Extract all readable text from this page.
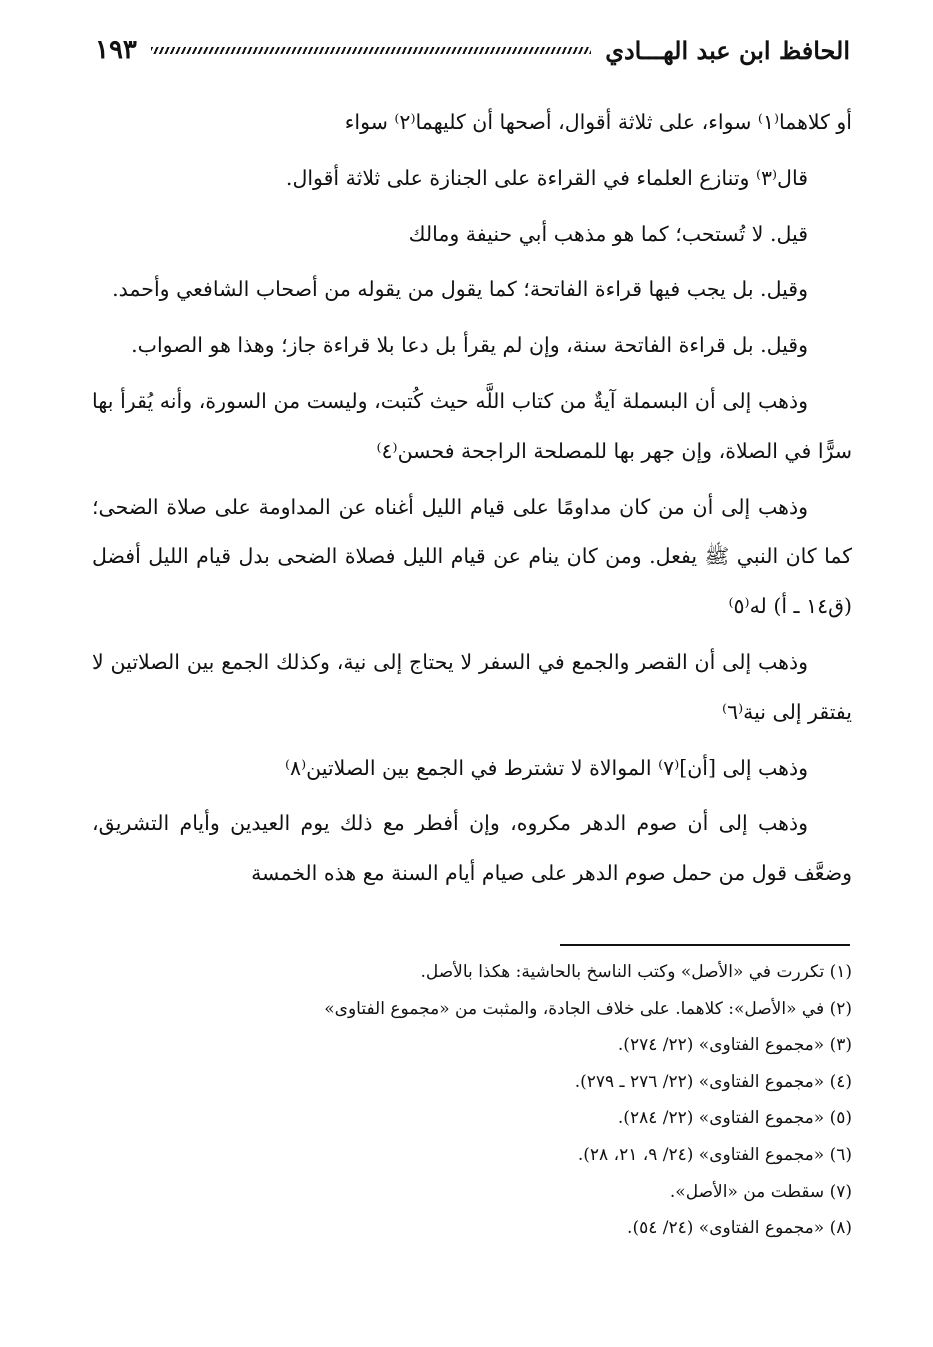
١٩٣	الحافظ ابن عبد الهـــادي

أو كلاهما⁽١⁾ سواء، على ثلاثة أقوال، أصحها أن كليهما⁽٢⁾ سواء

قال⁽٣⁾ وتنازع العلماء في القراءة على الجنازة على ثلاثة أقوال.

قيل. لا تُستحب؛ كما هو مذهب أبي حنيفة ومالك

وقيل. بل يجب فيها قراءة الفاتحة؛ كما يقول من يقوله من أصحاب الشافعي وأحمد.

وقيل. بل قراءة الفاتحة سنة، وإن لم يقرأ بل دعا بلا قراءة جاز؛ وهذا هو الصواب.

وذهب إلى أن البسملة آيةٌ من كتاب اللَّه حيث كُتبت، وليست من السورة، وأنه يُقرأ بها سرًّا في الصلاة، وإن جهر بها للمصلحة الراجحة فحسن⁽٤⁾

وذهب إلى أن من كان مداومًا على قيام الليل أغناه عن المداومة على صلاة الضحى؛ كما كان النبي ﷺ يفعل. ومن كان ينام عن قيام الليل فصلاة الضحى بدل قيام الليل أفضل (ق١٤ ـ أ) له⁽٥⁾

وذهب إلى أن القصر والجمع في السفر لا يحتاج إلى نية، وكذلك الجمع بين الصلاتين لا يفتقر إلى نية⁽٦⁾

وذهب إلى [أن]⁽٧⁾ الموالاة لا تشترط في الجمع بين الصلاتين⁽٨⁾

وذهب إلى أن صوم الدهر مكروه، وإن أفطر مع ذلك يوم العيدين وأيام التشريق، وضعَّف قول من حمل صوم الدهر على صيام أيام السنة مع هذه الخمسة

(١) تكررت في «الأصل» وكتب الناسخ بالحاشية: هكذا بالأصل.
(٢) في «الأصل»: كلاهما. على خلاف الجادة، والمثبت من «مجموع الفتاوى»
(٣) «مجموع الفتاوى» (٢٢/ ٢٧٤).
(٤) «مجموع الفتاوى» (٢٢/ ٢٧٦ ـ ٢٧٩).
(٥) «مجموع الفتاوى» (٢٢/ ٢٨٤).
(٦) «مجموع الفتاوى» (٢٤/ ٩، ٢١، ٢٨).
(٧) سقطت من «الأصل».
(٨) «مجموع الفتاوى» (٢٤/ ٥٤).
